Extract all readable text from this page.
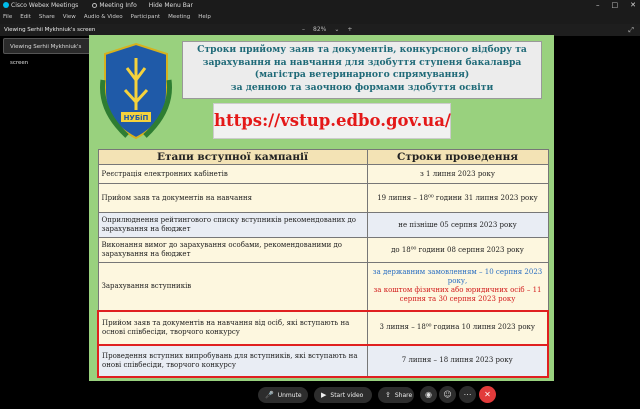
Cisco Webex Meetings	Meeting Info Hide Menu Bar	– □ ✕
File Edit Share View Audio & Video Participant Meeting Help
Viewing Serhii Mykhniuk's screen	– 82% ⌄ +	⤢
Viewing Serhii Mykhniuk's screen
НУБіП
Строки прийому заяв та документів, конкурсного відбору та
зарахування на навчання для здобуття ступеня бакалавра
(магістра ветеринарного спрямування)
за денною та заочною формами здобуття освіти
https://vstup.edbo.gov.ua/
Етапи вступної кампанії	Строки проведення
Реєстрація електронних кабінетів	з 1 липня 2023 року
Прийом заяв та документів на навчання	19 липня – 18⁰⁰ години 31 липня 2023 року
Оприлюднення рейтингового списку вступників рекомендованих до зарахування на бюджет	не пізніше 05 серпня 2023 року
Виконання вимог до зарахування особами, рекомендованими до зарахування на бюджет	до 18⁰⁰ години 08 серпня 2023 року
Зарахування вступників	за державним замовленням – 10 серпня 2023 року,
за коштом фізичних або юридичних осіб – 11 серпня та 30 серпня 2023 року

Прийом заяв та документів на навчання від осіб, які вступають на основі співбесіди, творчого конкурсу	3 липня – 18⁰⁰ година 10 липня 2023 року
Проведення вступних випробувань для вступників, які вступають на онові співбесіди, творчого конкурсу	7 липня – 18 липня 2023 року
🎤 Unmute	▶ Start video	⇪ Share	◉	☺	⋯	✕
